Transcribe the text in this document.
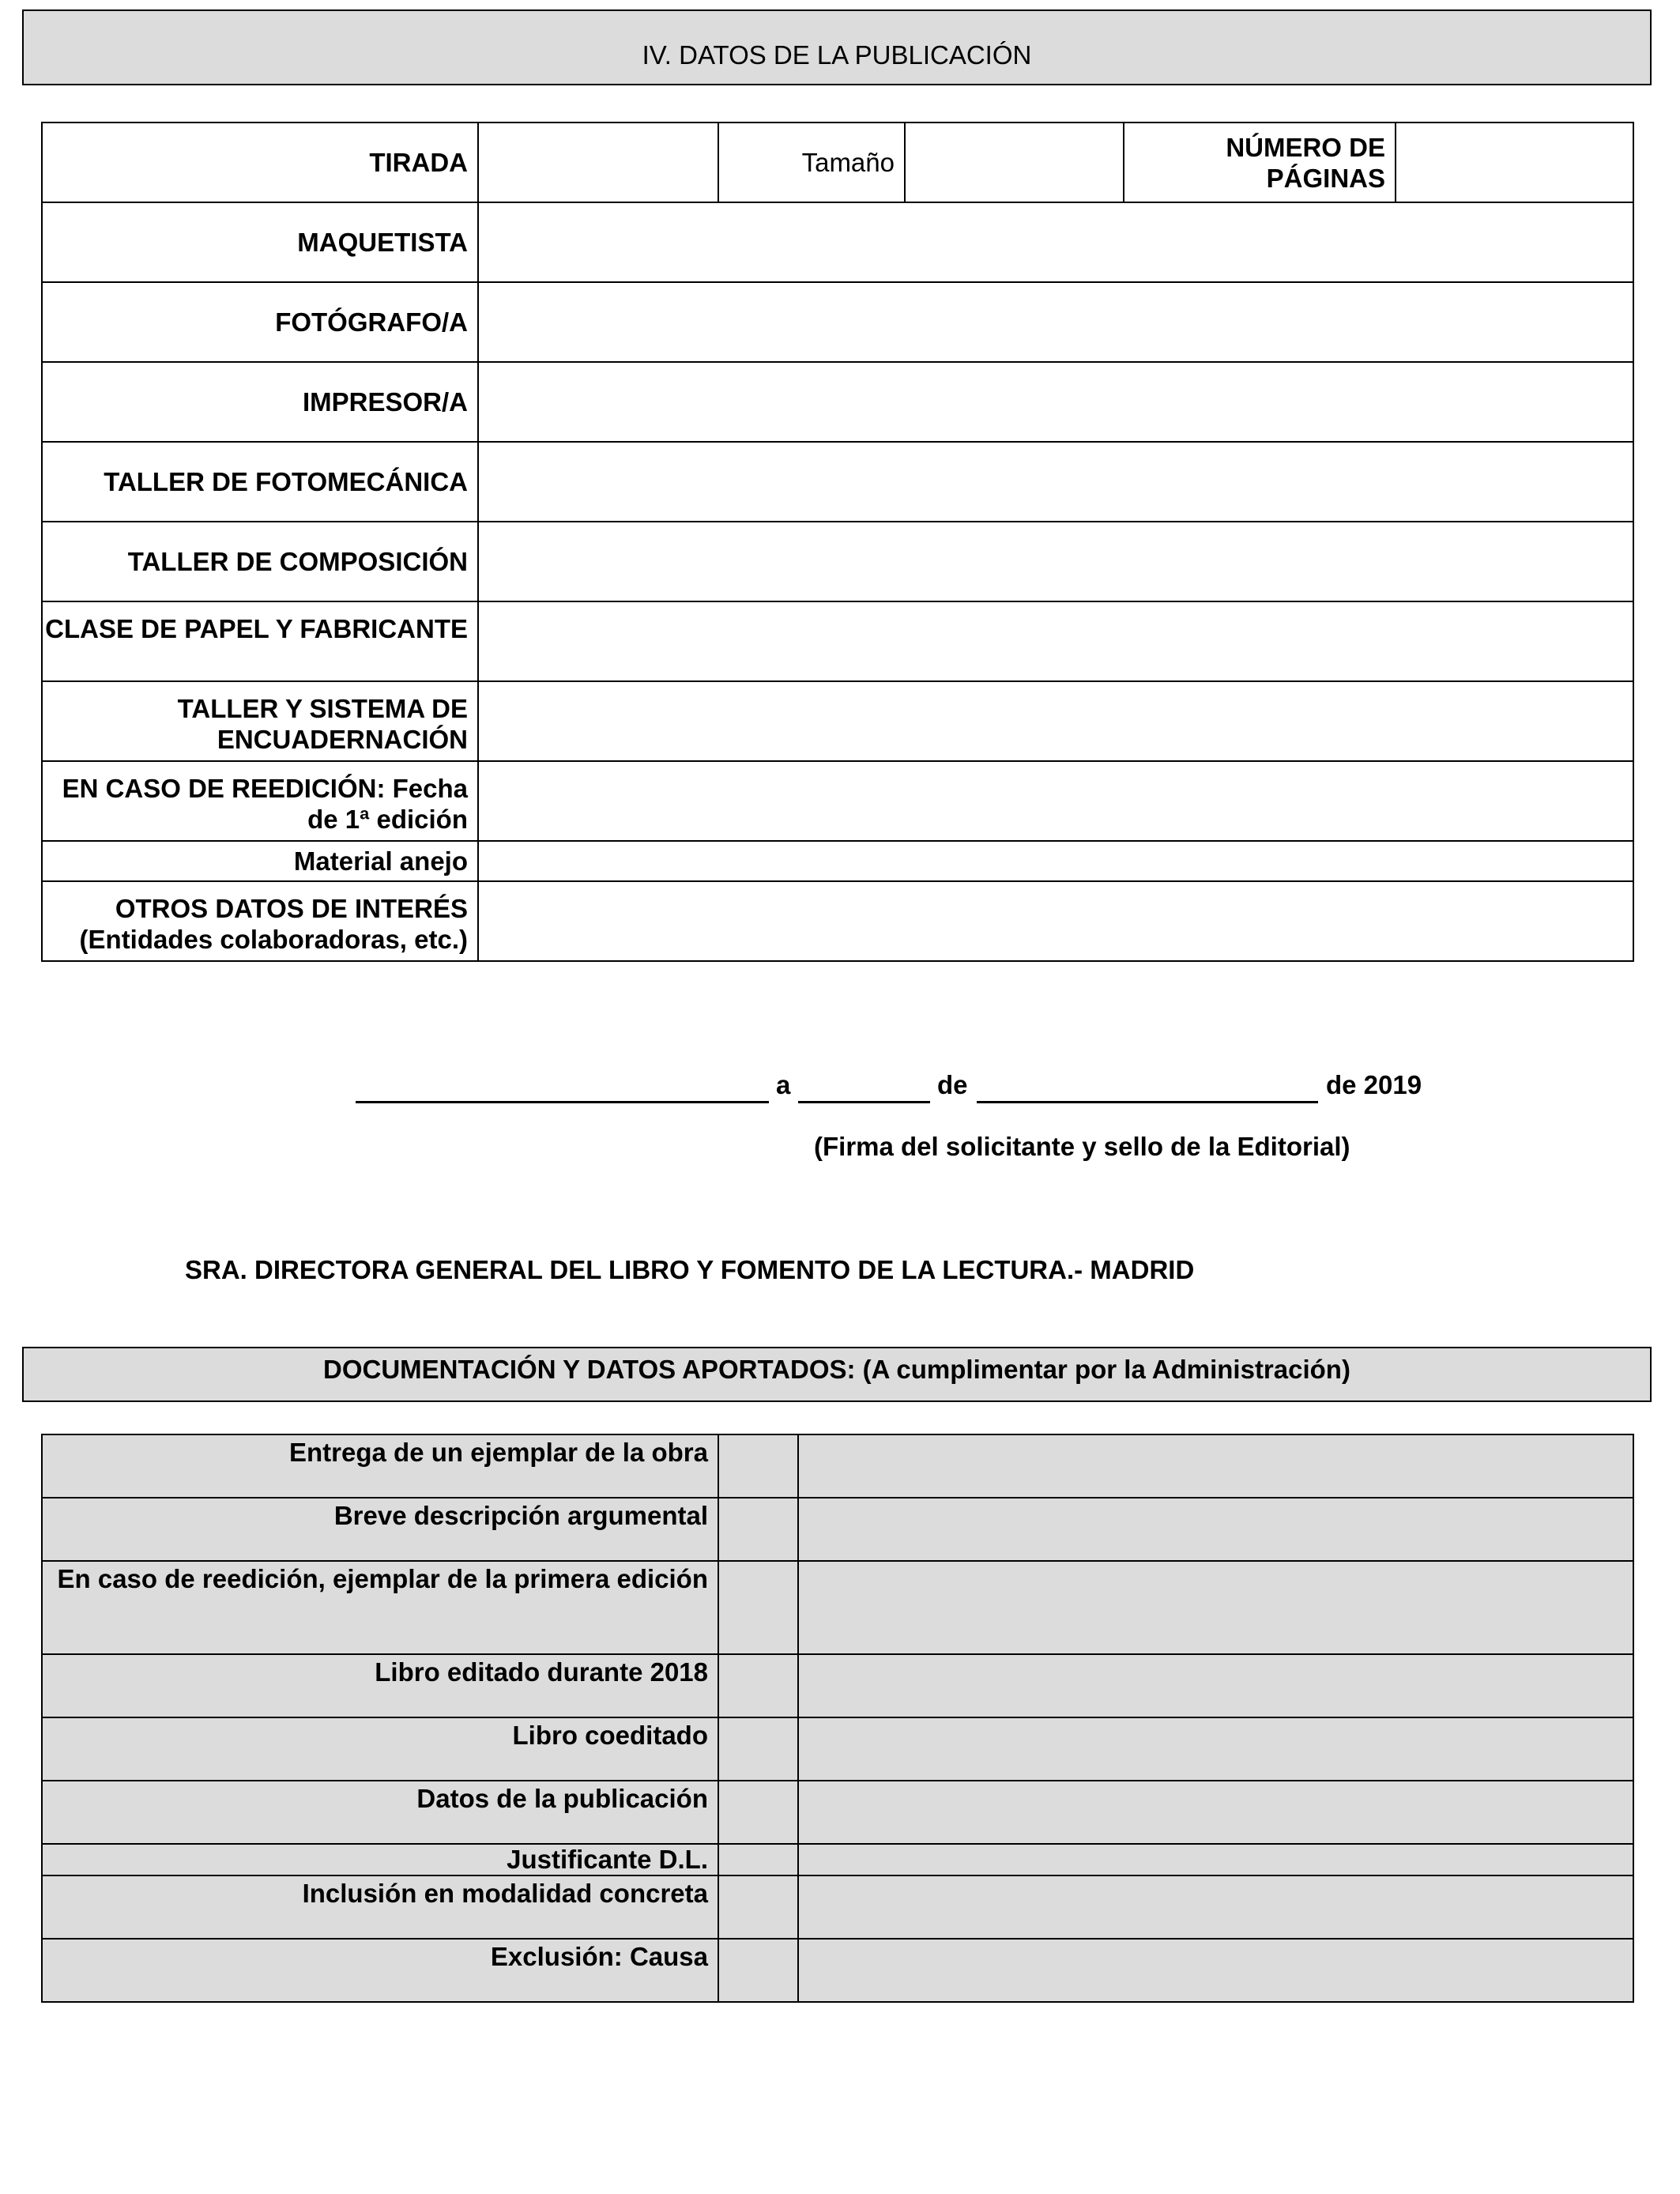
IV. DATOS DE LA PUBLICACIÓN
TIRADA		Tamaño		NÚMERO DE PÁGINAS	
MAQUETISTA					
FOTÓGRAFO/A					
IMPRESOR/A					
TALLER DE FOTOMECÁNICA					
TALLER DE COMPOSICIÓN					
CLASE DE PAPEL Y FABRICANTE					
TALLER Y SISTEMA DE ENCUADERNACIÓN					
EN CASO DE REEDICIÓN: Fecha de 1ª edición					
Material anejo					
OTROS DATOS DE INTERÉS (Entidades colaboradoras, etc.)					
a	de	de 2019
(Firma del solicitante y sello de la Editorial)
SRA. DIRECTORA GENERAL DEL LIBRO Y FOMENTO DE LA LECTURA.- MADRID
DOCUMENTACIÓN Y DATOS APORTADOS: (A cumplimentar por la Administración)
Entrega de un ejemplar de la obra		
Breve descripción argumental		
En caso de reedición, ejemplar de la primera edición		
Libro editado durante 2018		
Libro coeditado		
Datos de la publicación		
Justificante D.L.		
Inclusión en modalidad concreta		
Exclusión: Causa		
